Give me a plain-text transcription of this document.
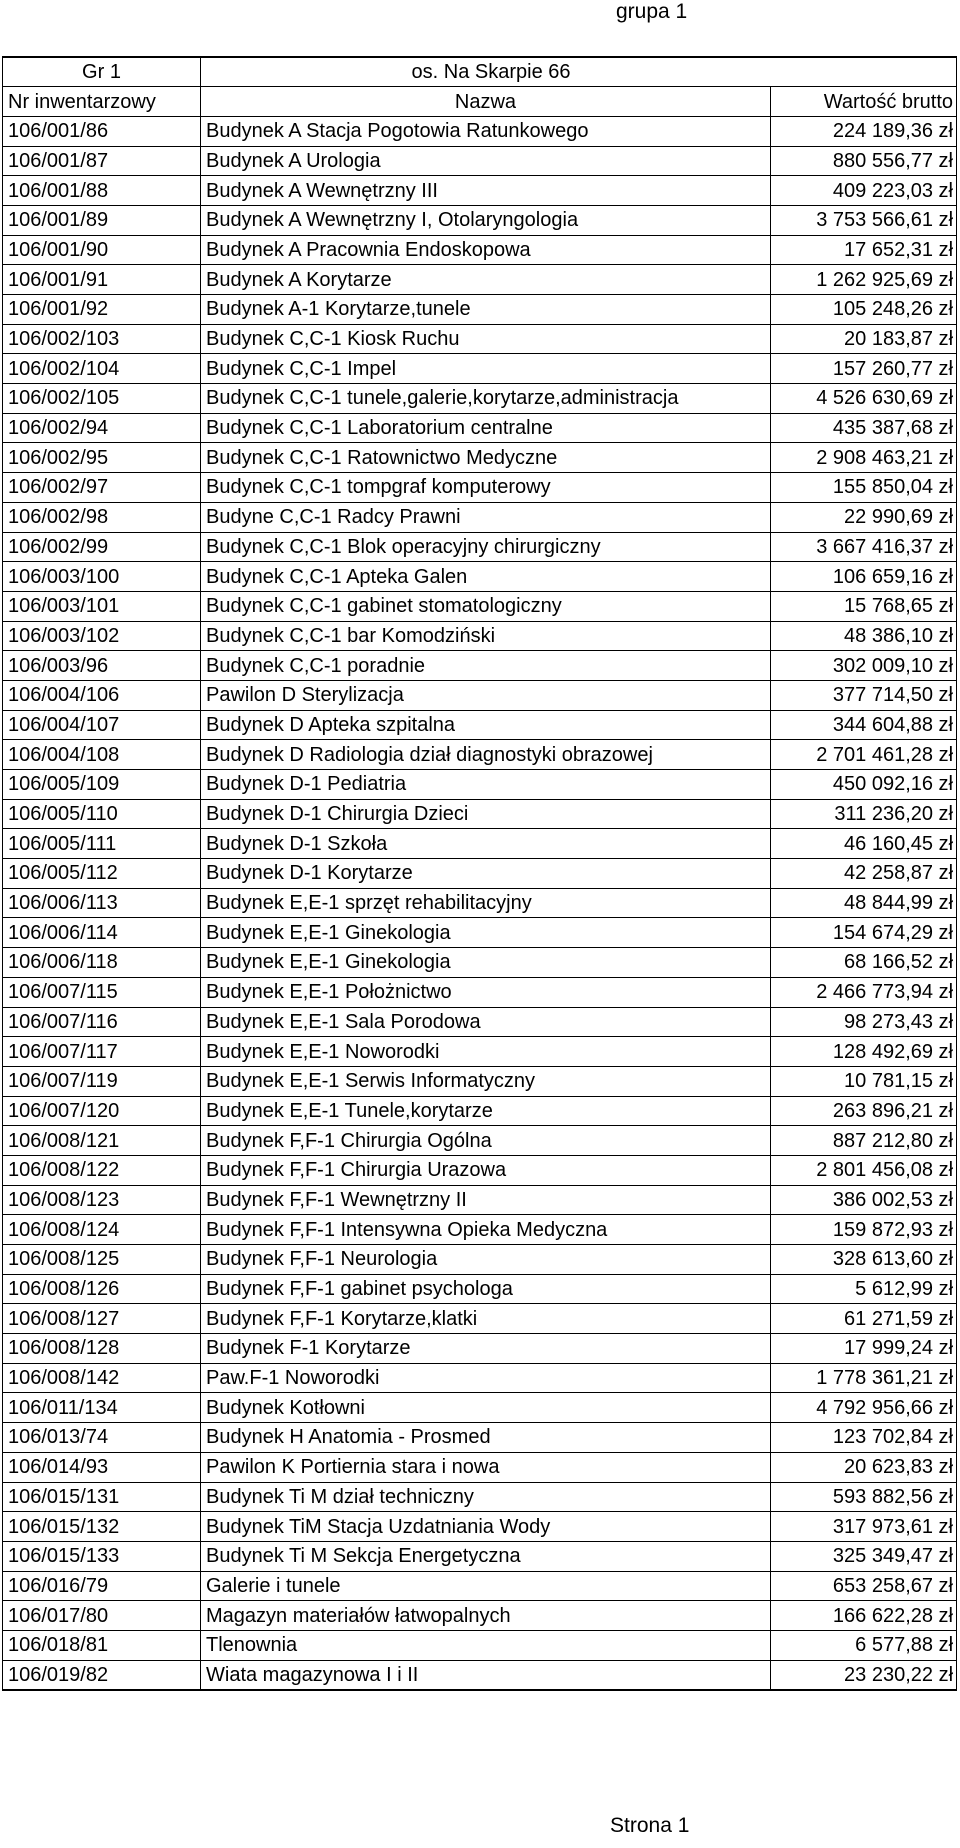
grupa 1
Gr 1	os. Na Skarpie 66	
Nr inwentarzowy	Nazwa	Wartość brutto
106/001/86	Budynek A Stacja Pogotowia Ratunkowego	224 189,36 zł
106/001/87	Budynek A Urologia	880 556,77 zł
106/001/88	Budynek A Wewnętrzny III	409 223,03 zł
106/001/89	Budynek A Wewnętrzny I, Otolaryngologia	3 753 566,61 zł
106/001/90	Budynek A Pracownia Endoskopowa	17 652,31 zł
106/001/91	Budynek A Korytarze	1 262 925,69 zł
106/001/92	Budynek A-1 Korytarze,tunele	105 248,26 zł
106/002/103	Budynek C,C-1 Kiosk Ruchu	20 183,87 zł
106/002/104	Budynek C,C-1 Impel	157 260,77 zł
106/002/105	Budynek C,C-1 tunele,galerie,korytarze,administracja	4 526 630,69 zł
106/002/94	Budynek C,C-1 Laboratorium centralne	435 387,68 zł
106/002/95	Budynek C,C-1 Ratownictwo Medyczne	2 908 463,21 zł
106/002/97	Budynek C,C-1 tompgraf komputerowy	155 850,04 zł
106/002/98	Budyne C,C-1 Radcy Prawni	22 990,69 zł
106/002/99	Budynek C,C-1 Blok operacyjny chirurgiczny	3 667 416,37 zł
106/003/100	Budynek C,C-1 Apteka Galen	106 659,16 zł
106/003/101	Budynek C,C-1 gabinet stomatologiczny	15 768,65 zł
106/003/102	Budynek C,C-1 bar Komodziński	48 386,10 zł
106/003/96	Budynek C,C-1 poradnie	302 009,10 zł
106/004/106	Pawilon D Sterylizacja	377 714,50 zł
106/004/107	Budynek D Apteka szpitalna	344 604,88 zł
106/004/108	Budynek D Radiologia dział diagnostyki obrazowej	2 701 461,28 zł
106/005/109	Budynek D-1 Pediatria	450 092,16 zł
106/005/110	Budynek D-1 Chirurgia Dzieci	311 236,20 zł
106/005/111	Budynek D-1 Szkoła	46 160,45 zł
106/005/112	Budynek D-1 Korytarze	42 258,87 zł
106/006/113	Budynek E,E-1 sprzęt rehabilitacyjny	48 844,99 zł
106/006/114	Budynek E,E-1 Ginekologia	154 674,29 zł
106/006/118	Budynek E,E-1 Ginekologia	68 166,52 zł
106/007/115	Budynek E,E-1 Położnictwo	2 466 773,94 zł
106/007/116	Budynek E,E-1 Sala Porodowa	98 273,43 zł
106/007/117	Budynek E,E-1 Noworodki	128 492,69 zł
106/007/119	Budynek E,E-1 Serwis Informatyczny	10 781,15 zł
106/007/120	Budynek E,E-1 Tunele,korytarze	263 896,21 zł
106/008/121	Budynek F,F-1 Chirurgia Ogólna	887 212,80 zł
106/008/122	Budynek F,F-1 Chirurgia Urazowa	2 801 456,08 zł
106/008/123	Budynek F,F-1 Wewnętrzny II	386 002,53 zł
106/008/124	Budynek F,F-1 Intensywna Opieka Medyczna	159 872,93 zł
106/008/125	Budynek F,F-1 Neurologia	328 613,60 zł
106/008/126	Budynek F,F-1 gabinet psychologa	5 612,99 zł
106/008/127	Budynek F,F-1 Korytarze,klatki	61 271,59 zł
106/008/128	Budynek F-1 Korytarze	17 999,24 zł
106/008/142	Paw.F-1 Noworodki	1 778 361,21 zł
106/011/134	Budynek Kotłowni	4 792 956,66 zł
106/013/74	Budynek H Anatomia - Prosmed	123 702,84 zł
106/014/93	Pawilon K Portiernia stara i nowa	20 623,83 zł
106/015/131	Budynek Ti M dział techniczny	593 882,56 zł
106/015/132	Budynek TiM Stacja Uzdatniania Wody	317 973,61 zł
106/015/133	Budynek Ti M Sekcja Energetyczna	325 349,47 zł
106/016/79	Galerie i tunele	653 258,67 zł
106/017/80	Magazyn materiałów łatwopalnych	166 622,28 zł
106/018/81	Tlenownia	6 577,88 zł
106/019/82	Wiata magazynowa I i II	23 230,22 zł
Strona 1
